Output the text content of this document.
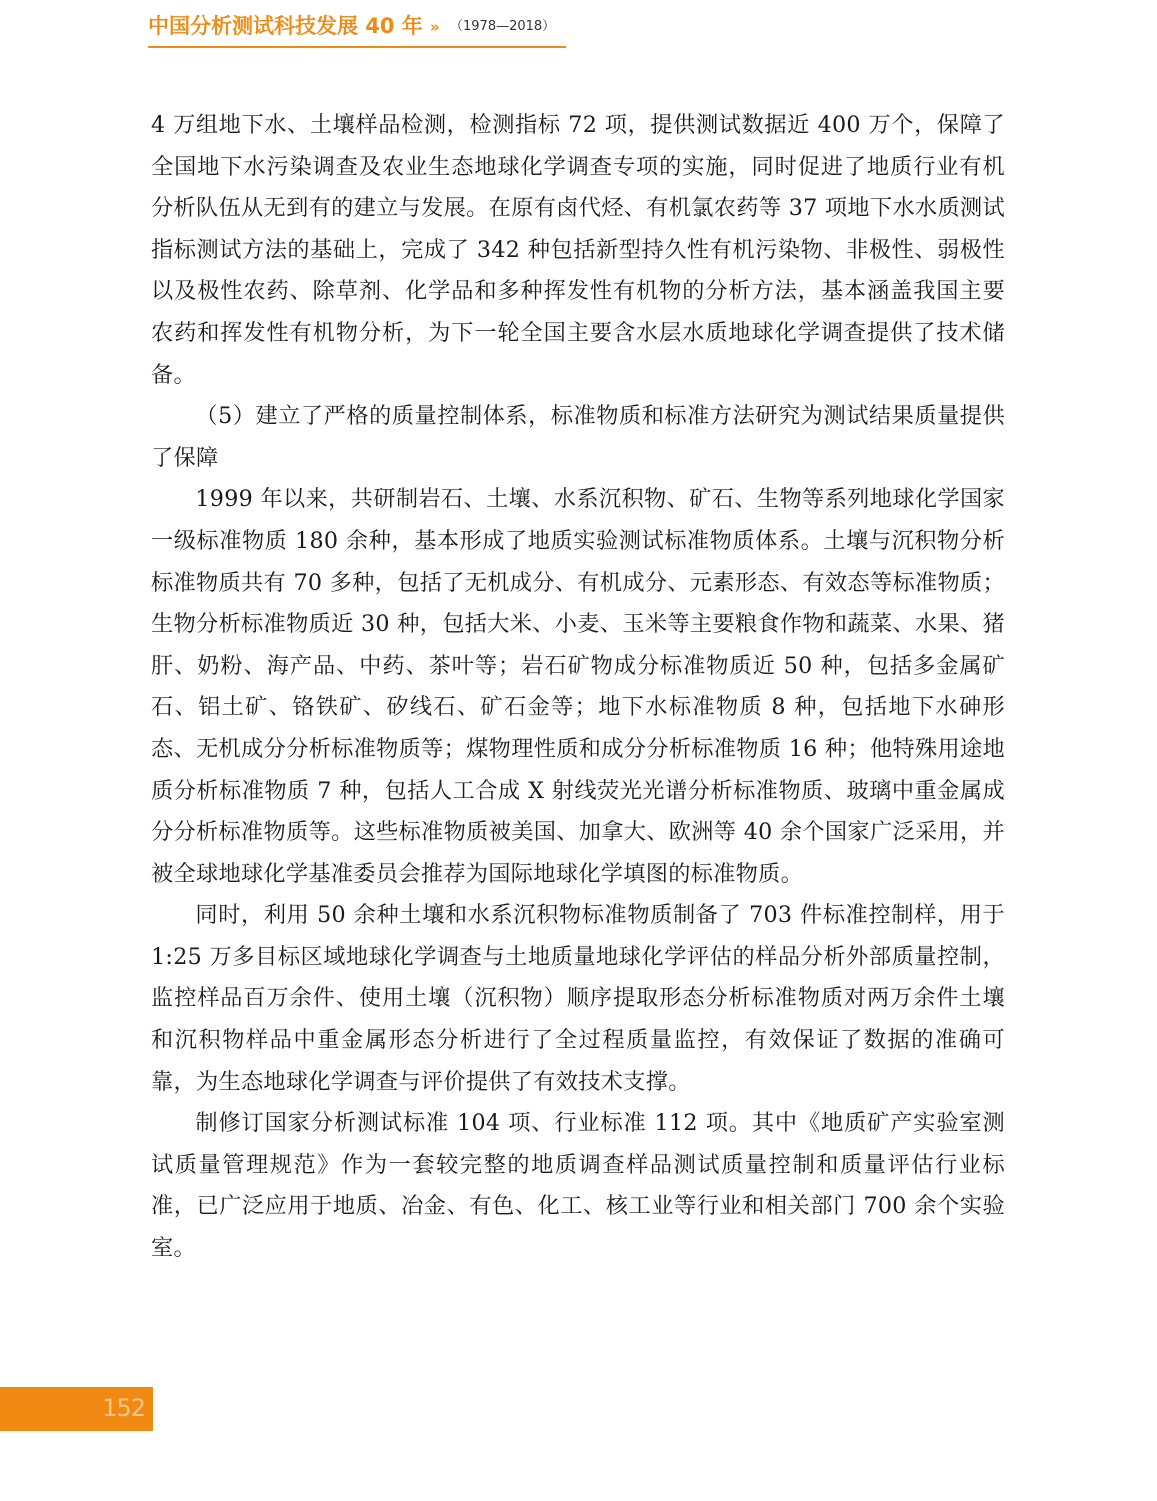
中国分析测试科技发展 40 年 » （1978—2018）

4 万组地下水、土壤样品检测，检测指标 72 项，提供测试数据近 400 万个，保障了全国地下水污染调查及农业生态地球化学调查专项的实施，同时促进了地质行业有机分析队伍从无到有的建立与发展。在原有卤代烃、有机氯农药等 37 项地下水水质测试指标测试方法的基础上，完成了 342 种包括新型持久性有机污染物、非极性、弱极性以及极性农药、除草剂、化学品和多种挥发性有机物的分析方法，基本涵盖我国主要农药和挥发性有机物分析，为下一轮全国主要含水层水质地球化学调查提供了技术储备。

（5）建立了严格的质量控制体系，标准物质和标准方法研究为测试结果质量提供了保障

1999 年以来，共研制岩石、土壤、水系沉积物、矿石、生物等系列地球化学国家一级标准物质 180 余种，基本形成了地质实验测试标准物质体系。土壤与沉积物分析标准物质共有 70 多种，包括了无机成分、有机成分、元素形态、有效态等标准物质；生物分析标准物质近 30 种，包括大米、小麦、玉米等主要粮食作物和蔬菜、水果、猪肝、奶粉、海产品、中药、茶叶等；岩石矿物成分标准物质近 50 种，包括多金属矿石、铝土矿、铬铁矿、矽线石、矿石金等；地下水标准物质 8 种，包括地下水砷形态、无机成分分析标准物质等；煤物理性质和成分分析标准物质 16 种；他特殊用途地质分析标准物质 7 种，包括人工合成 X 射线荧光光谱分析标准物质、玻璃中重金属成分分析标准物质等。这些标准物质被美国、加拿大、欧洲等 40 余个国家广泛采用，并被全球地球化学基准委员会推荐为国际地球化学填图的标准物质。

同时，利用 50 余种土壤和水系沉积物标准物质制备了 703 件标准控制样，用于 1:25 万多目标区域地球化学调查与土地质量地球化学评估的样品分析外部质量控制，监控样品百万余件、使用土壤（沉积物）顺序提取形态分析标准物质对两万余件土壤和沉积物样品中重金属形态分析进行了全过程质量监控，有效保证了数据的准确可靠，为生态地球化学调查与评价提供了有效技术支撑。

制修订国家分析测试标准 104 项、行业标准 112 项。其中《地质矿产实验室测试质量管理规范》作为一套较完整的地质调查样品测试质量控制和质量评估行业标准，已广泛应用于地质、冶金、有色、化工、核工业等行业和相关部门 700 余个实验室。

152
